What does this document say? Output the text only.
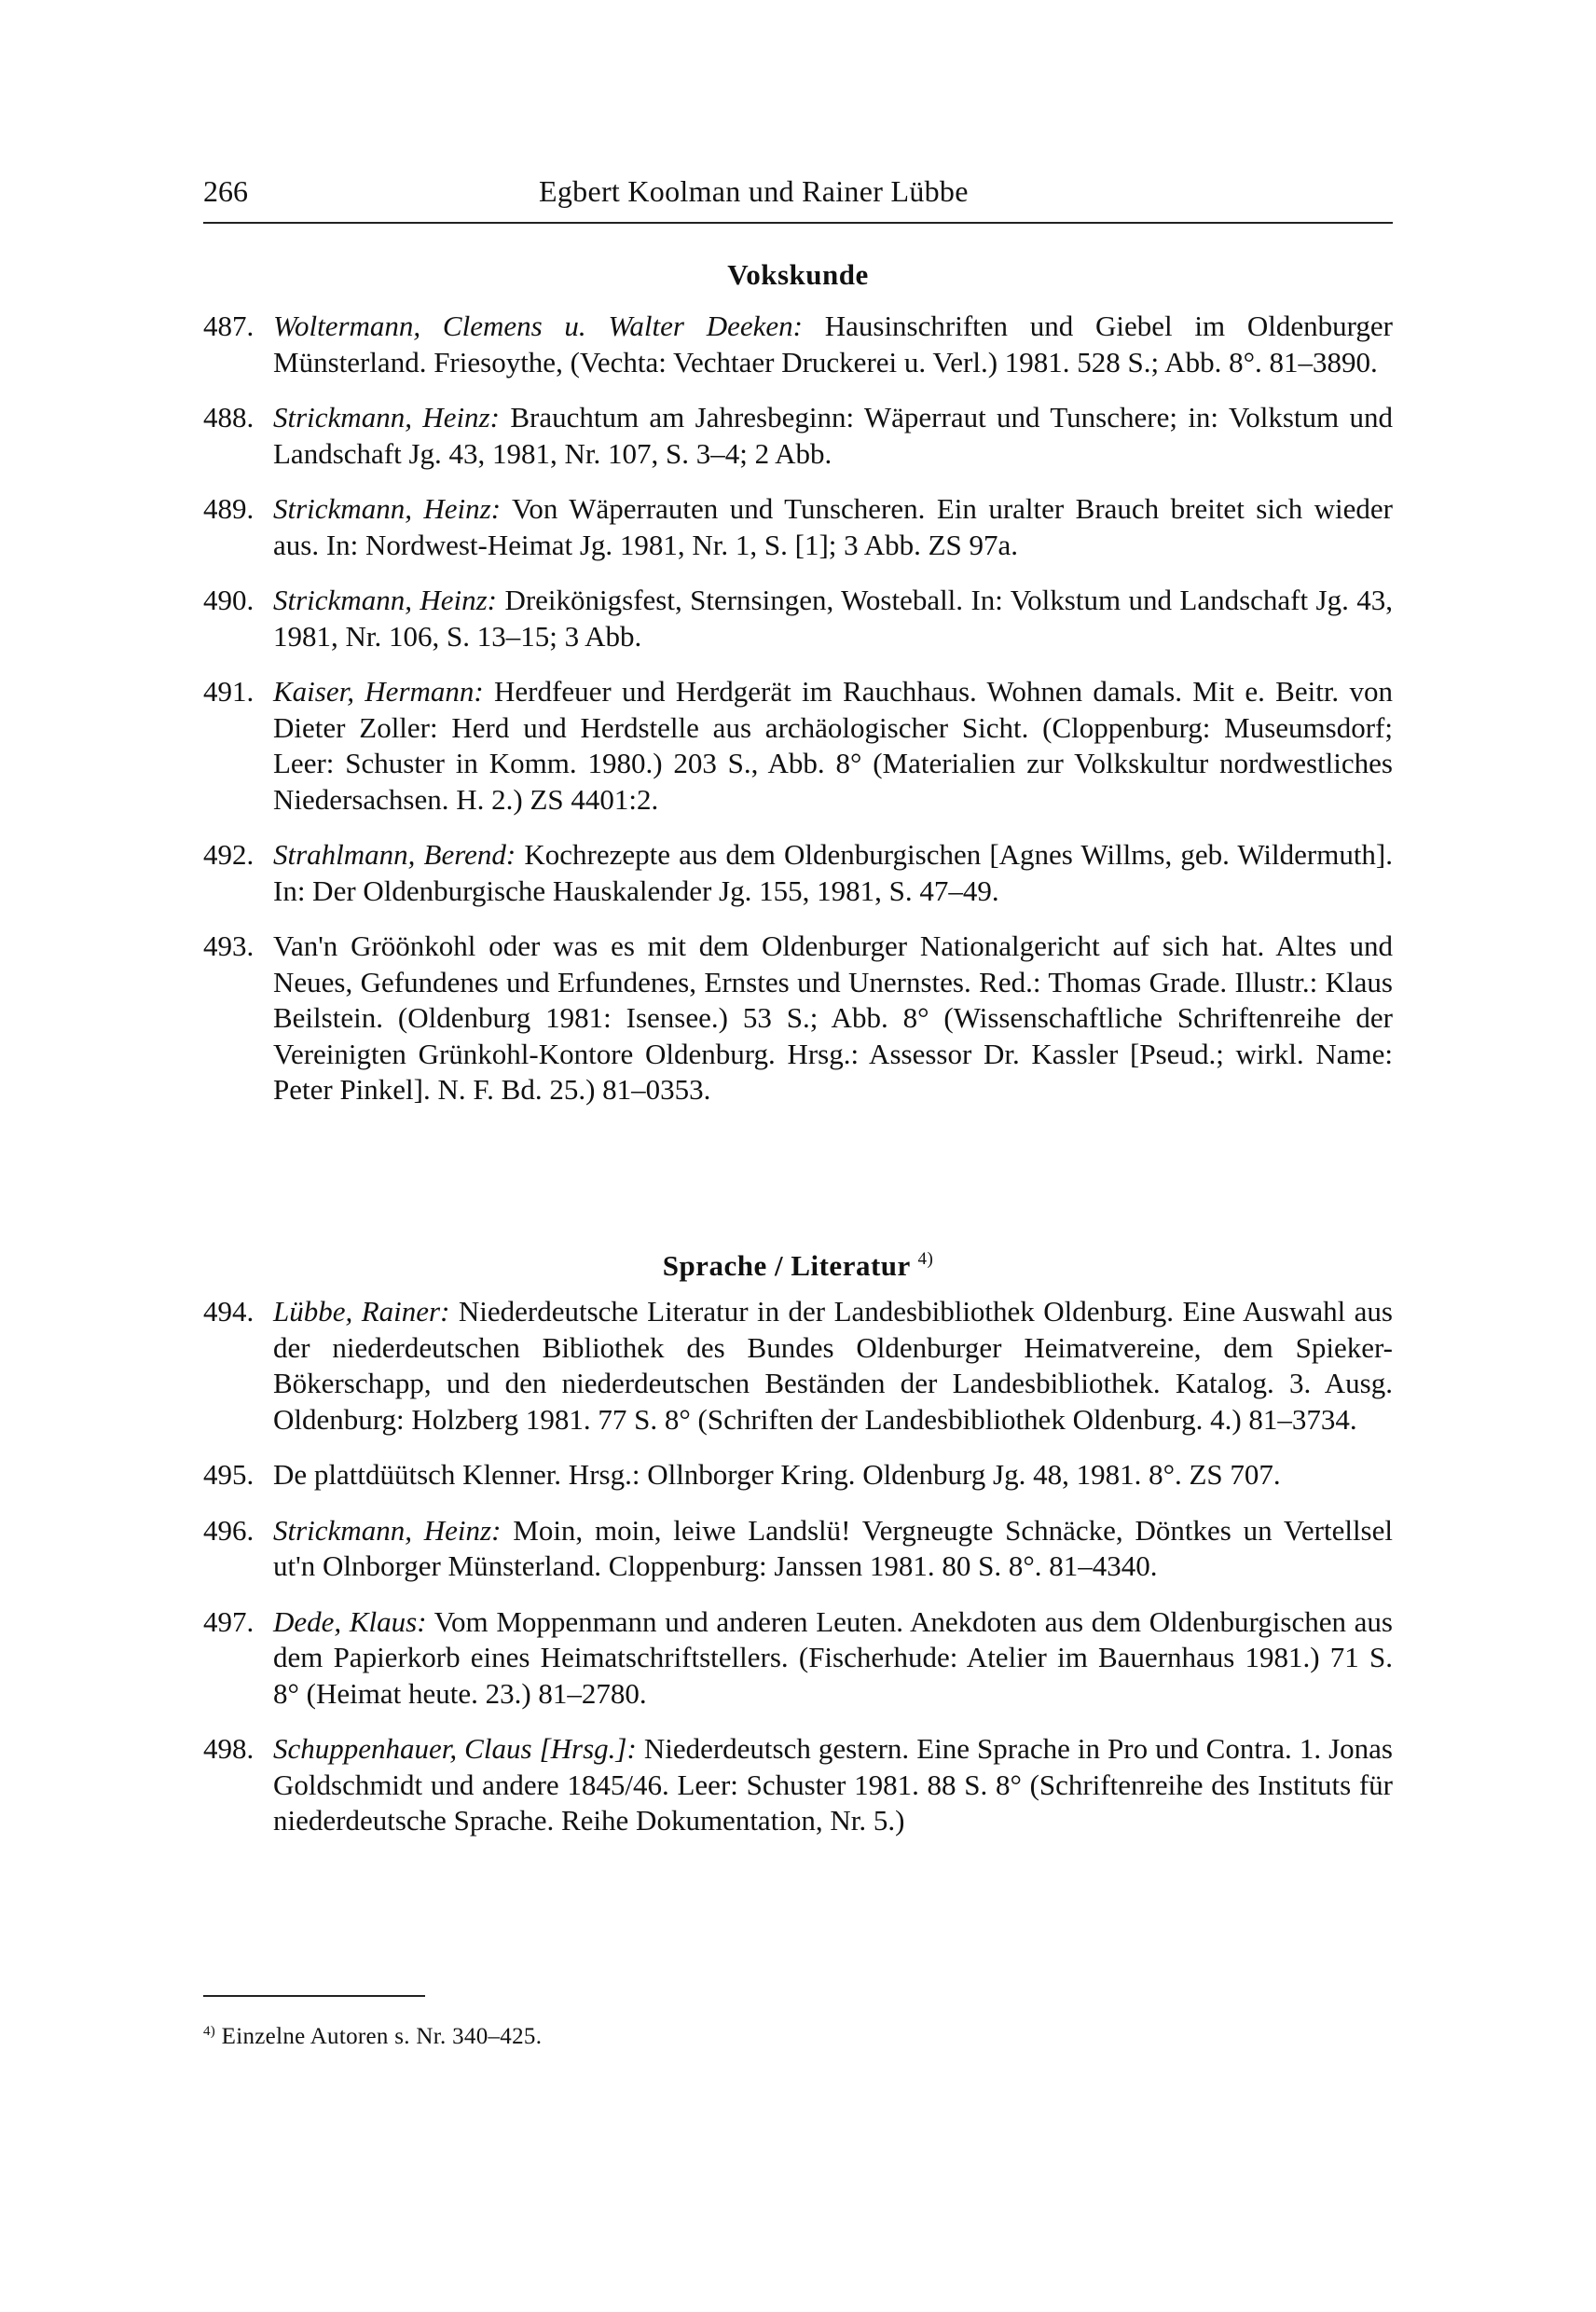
266	Egbert Koolman und Rainer Lübbe
Vokskunde
487. Woltermann, Clemens u. Walter Deeken: Hausinschriften und Giebel im Oldenburger Münsterland. Friesoythe, (Vechta: Vechtaer Druckerei u. Verl.) 1981. 528 S.; Abb. 8°. 81–3890.
488. Strickmann, Heinz: Brauchtum am Jahresbeginn: Wäperraut und Tunschere; in: Volkstum und Landschaft Jg. 43, 1981, Nr. 107, S. 3–4; 2 Abb.
489. Strickmann, Heinz: Von Wäperrauten und Tunscheren. Ein uralter Brauch breitet sich wieder aus. In: Nordwest-Heimat Jg. 1981, Nr. 1, S. [1]; 3 Abb. ZS 97a.
490. Strickmann, Heinz: Dreikönigsfest, Sternsingen, Wosteball. In: Volkstum und Landschaft Jg. 43, 1981, Nr. 106, S. 13–15; 3 Abb.
491. Kaiser, Hermann: Herdfeuer und Herdgerät im Rauchhaus. Wohnen damals. Mit e. Beitr. von Dieter Zoller: Herd und Herdstelle aus archäologischer Sicht. (Cloppenburg: Museumsdorf; Leer: Schuster in Komm. 1980.) 203 S., Abb. 8° (Materialien zur Volkskultur nordwestliches Niedersachsen. H. 2.) ZS 4401:2.
492. Strahlmann, Berend: Kochrezepte aus dem Oldenburgischen [Agnes Willms, geb. Wildermuth]. In: Der Oldenburgische Hauskalender Jg. 155, 1981, S. 47–49.
493. Van'n Gröönkohl oder was es mit dem Oldenburger Nationalgericht auf sich hat. Altes und Neues, Gefundenes und Erfundenes, Ernstes und Unernstes. Red.: Thomas Grade. Illustr.: Klaus Beilstein. (Oldenburg 1981: Isensee.) 53 S.; Abb. 8° (Wissenschaftliche Schriftenreihe der Vereinigten Grünkohl-Kontore Oldenburg. Hrsg.: Assessor Dr. Kassler [Pseud.; wirkl. Name: Peter Pinkel]. N. F. Bd. 25.) 81–0353.
Sprache / Literatur $^{4)}$
494. Lübbe, Rainer: Niederdeutsche Literatur in der Landesbibliothek Oldenburg. Eine Auswahl aus der niederdeutschen Bibliothek des Bundes Oldenburger Heimatvereine, dem Spieker-Bökerschapp, und den niederdeutschen Beständen der Landesbibliothek. Katalog. 3. Ausg. Oldenburg: Holzberg 1981. 77 S. 8° (Schriften der Landesbibliothek Oldenburg. 4.) 81–3734.
495. De plattdüütsch Klenner. Hrsg.: Ollnborger Kring. Oldenburg Jg. 48, 1981. 8°. ZS 707.
496. Strickmann, Heinz: Moin, moin, leiwe Landslü! Vergneugte Schnäcke, Döntkes un Vertellsel ut'n Olnborger Münsterland. Cloppenburg: Janssen 1981. 80 S. 8°. 81–4340.
497. Dede, Klaus: Vom Moppenmann und anderen Leuten. Anekdoten aus dem Oldenburgischen aus dem Papierkorb eines Heimatschriftstellers. (Fischerhude: Atelier im Bauernhaus 1981.) 71 S. 8° (Heimat heute. 23.) 81–2780.
498. Schuppenhauer, Claus [Hrsg.]: Niederdeutsch gestern. Eine Sprache in Pro und Contra. 1. Jonas Goldschmidt und andere 1845/46. Leer: Schuster 1981. 88 S. 8° (Schriftenreihe des Instituts für niederdeutsche Sprache. Reihe Dokumentation, Nr. 5.)
$^{4)}$ Einzelne Autoren s. Nr. 340–425.
